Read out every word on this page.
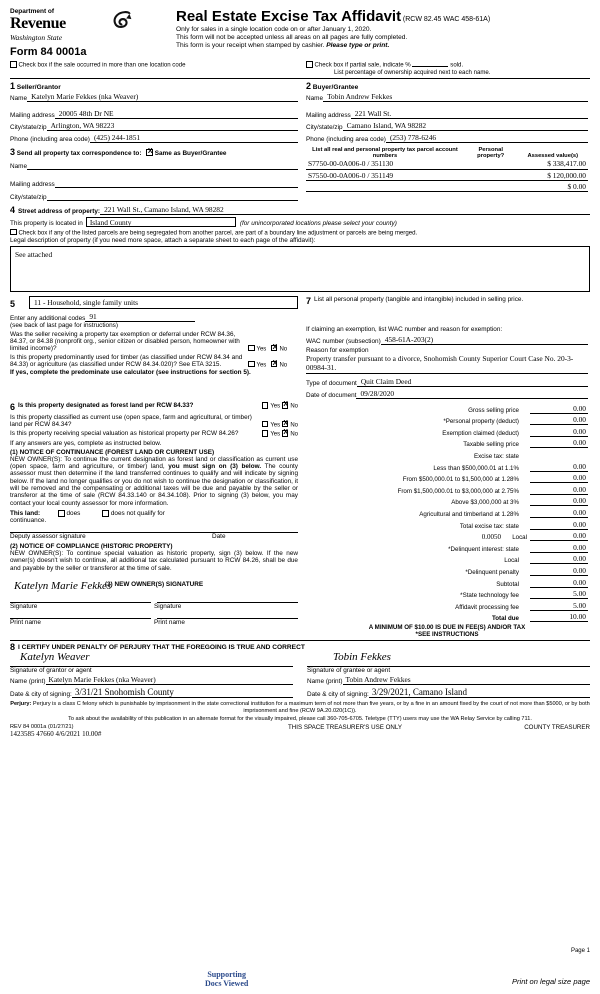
Department of
Revenue
Washington State
Form 84 0001a
Real Estate Excise Tax Affidavit (RCW 82.45 WAC 458-61A)
Only for sales in a single location code on or after January 1, 2020.
This form will not be accepted unless all areas on all pages are fully completed.
This form is your receipt when stamped by cashier. Please type or print.
Check box if the sale occurred in more than one location code	Check box if partial sale, indicate %	sold.
List percentage of ownership acquired next to each name.
1 Seller/Grantor
Name Katelyn Marie Fekkes (nka Weaver)
Mailing address 20005 48th Dr NE
City/state/zip Arlington, WA 98223
Phone (including area code) (425) 244-1851
2 Buyer/Grantee
Name Tobin Andrew Fekkes
Mailing address 221 Wall St.
City/state/zip Camano Island, WA 98282
Phone (including area code) (253) 778-6246
3 Send all property tax correspondence to: X Same as Buyer/Grantee
Name
Mailing address
City/state/zip
List all real and personal property tax parcel account numbers	Personal property?	Assessed value(s)
S7750-00-0A006-0 / 351130		$ 338,417.00
S7550-00-0A006-0 / 351149		$ 120,000.00
		$ 0.00
4 Street address of property: 221 Wall St., Camano Island, WA 98282
This property is located in Island County	(for unincorporated locations please select your county)
Check box if any of the listed parcels are being segregated from another parcel, are part of a boundary line adjustment or parcels are being merged.
Legal description of property (if you need more space, attach a separate sheet to each page of the affidavit):
See attached
5	11 - Household, single family units
Enter any additional codes 91
(see back of last page for instructions)
Was the seller receiving a property tax exemption or deferral under RCW 84.36, 84.37, or 84.38 (nonprofit org., senior citizen or disabled person, homeowner with limited income)?	Yes X No
Is this property predominantly used for timber (as classified under RCW 84.34 and 84.33) or agriculture (as classified under RCW 84.34.020)? See ETA 3215.	Yes X No
If yes, complete the predominate use calculator (see instructions for section 5).
7 List all personal property (tangible and intangible) included in selling price.
If claiming an exemption, list WAC number and reason for exemption:
WAC number (subsection) 458-61A-203(2)
Reason for exemption
Property transfer pursuant to a divorce, Snohomish County Superior Court Case No. 20-3-00984-31.
Type of document Quit Claim Deed
Date of document 09/28/2020
6 Is this property designated as forest land per RCW 84.33?	Yes XNo
Is this property classified as current use (open space, farm and agricultural, or timber) land per RCW 84.34?	Yes XNo
Is this property receiving special valuation as historical property per RCW 84.26?	Yes XNo
If any answers are yes, complete as instructed below.
(1) NOTICE OF CONTINUANCE (FOREST LAND OR CURRENT USE)
NEW OWNER(S): To continue the current designation as forest land or classification as current use (open space, farm and agriculture, or timber) land, you must sign on (3) below. The county assessor must then determine if the land transferred continues to qualify and will indicate by signing below. If the land no longer qualifies or you do not wish to continue the designation or classification, it will be removed and the compensating or additional taxes will be due and payable by the seller or transferor at the time of sale (RCW 84.33.140 or 84.34.108). Prior to signing (3) below, you may contact your local county assessor for more information.
This land:	does	does not qualify for
continuance.
Deputy assessor signature	Date
(2) NOTICE OF COMPLIANCE (HISTORIC PROPERTY)
NEW OWNER(S): To continue special valuation as historic property, sign (3) below. If the new owner(s) doesn't wish to continue, all additional tax calculated pursuant to RCW 84.26, shall be due and payable by the seller or transferor at the time of sale.
(3) NEW OWNER(S) SIGNATURE
Katelyn Marie Fekkes
Signature	Signature
Print name	Print name
Gross selling price	0.00
*Personal property (deduct)	0.00
Exemption claimed (deduct)	0.00
Taxable selling price	0.00
Excise tax: state
Less than $500,000.01 at 1.1%	0.00
From $500,000.01 to $1,500,000 at 1.28%	0.00
From $1,500,000.01 to $3,000,000 at 2.75%	0.00
Above $3,000,000 at 3%	0.00
Agricultural and timberland at 1.28%	0.00
Total excise tax: state	0.00
0.0050	Local	0.00
*Delinquent interest: state	0.00
Local	0.00
*Delinquent penalty	0.00
Subtotal	0.00
*State technology fee	5.00
Affidavit processing fee	5.00
Total due	10.00
A MINIMUM OF $10.00 IS DUE IN FEE(S) AND/OR TAX
*SEE INSTRUCTIONS
8 I CERTIFY UNDER PENALTY OF PERJURY THAT THE FOREGOING IS TRUE AND CORRECT
Katelyn Weaver
Signature of grantor or agent
Name (print) Katelyn Marie Fekkes (nka Weaver)
Date & city of signing: 3/31/21 Snohomish County
Tobin Fekkes
Signature of grantee or agent
Name (print) Tobin Andrew Fekkes
Date & city of signing: 3/29/2021, Camano Island
Perjury: Perjury is a class C felony which is punishable by imprisonment in the state correctional institution for a maximum term of not more than five years, or by a fine in an amount fixed by the court of not more than $5000, or by both imprisonment and fine (RCW 9A.20.020(1C)).
To ask about the availability of this publication in an alternate format for the visually impaired, please call 360-705-6705. Teletype (TTY) users may use the WA Relay Service by calling 711.
REV 84 0001a (01/27/21)
1423585 47660 4/6/2021 10.00#
THIS SPACE TREASURER'S USE ONLY	COUNTY TREASURER
Supporting
Docs Viewed	Print on legal size page
Page 1
